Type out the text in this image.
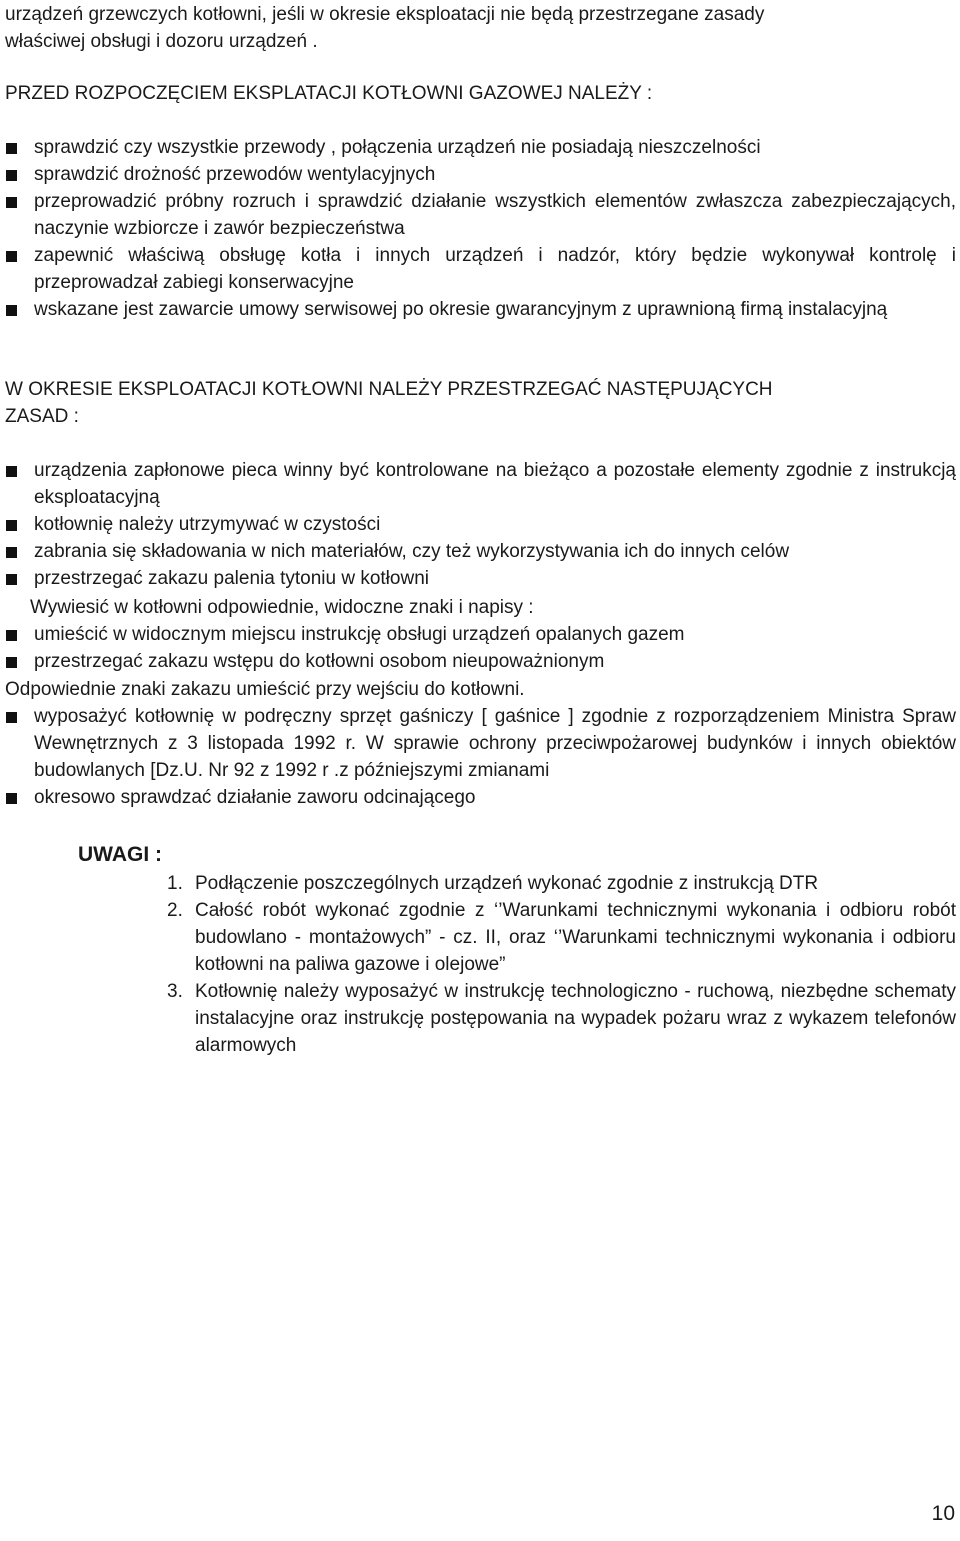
urządzeń grzewczych kotłowni, jeśli w okresie eksploatacji nie będą przestrzegane zasady

właściwej obsługi i dozoru urządzeń .

PRZED ROZPOCZĘCIEM EKSPLATACJI KOTŁOWNI GAZOWEJ NALEŻY :

sprawdzić czy wszystkie przewody , połączenia urządzeń nie posiadają nieszczelności
sprawdzić drożność przewodów wentylacyjnych
przeprowadzić próbny rozruch i sprawdzić działanie wszystkich elementów zwłaszcza zabezpieczających, naczynie wzbiorcze i zawór bezpieczeństwa
zapewnić właściwą obsługę kotła i innych urządzeń i nadzór, który będzie wykonywał kontrolę i przeprowadzał zabiegi konserwacyjne
wskazane jest zawarcie umowy serwisowej po okresie gwarancyjnym z uprawnioną firmą instalacyjną

W OKRESIE EKSPLOATACJI KOTŁOWNI NALEŻY PRZESTRZEGAĆ NASTĘPUJĄCYCH

ZASAD :

urządzenia zapłonowe pieca winny być kontrolowane na bieżąco a pozostałe elementy zgodnie z instrukcją eksploatacyjną
kotłownię należy utrzymywać w czystości
zabrania się składowania w nich materiałów, czy też wykorzystywania ich do innych celów
przestrzegać zakazu palenia tytoniu w kotłowni

Wywiesić w kotłowni odpowiednie, widoczne znaki i napisy :

umieścić w widocznym miejscu instrukcję obsługi urządzeń opalanych gazem
przestrzegać zakazu wstępu do kotłowni osobom nieupoważnionym

Odpowiednie znaki zakazu umieścić przy wejściu do kotłowni.

wyposażyć kotłownię w podręczny sprzęt gaśniczy [ gaśnice ] zgodnie z rozporządzeniem Ministra Spraw Wewnętrznych z 3 listopada 1992 r. W sprawie ochrony przeciwpożarowej budynków i innych obiektów budowlanych [Dz.U. Nr 92 z 1992 r .z późniejszymi zmianami
okresowo sprawdzać działanie zaworu odcinającego

UWAGI :

1. Podłączenie poszczególnych urządzeń wykonać zgodnie z instrukcją DTR
2. Całość robót wykonać zgodnie z ‘’Warunkami technicznymi wykonania i odbioru robót budowlano - montażowych” - cz. II, oraz ‘’Warunkami technicznymi wykonania i odbioru kotłowni na paliwa gazowe i olejowe”
3. Kotłownię należy wyposażyć w instrukcję technologiczno - ruchową, niezbędne schematy instalacyjne oraz instrukcję postępowania na wypadek pożaru wraz z wykazem telefonów alarmowych
10
